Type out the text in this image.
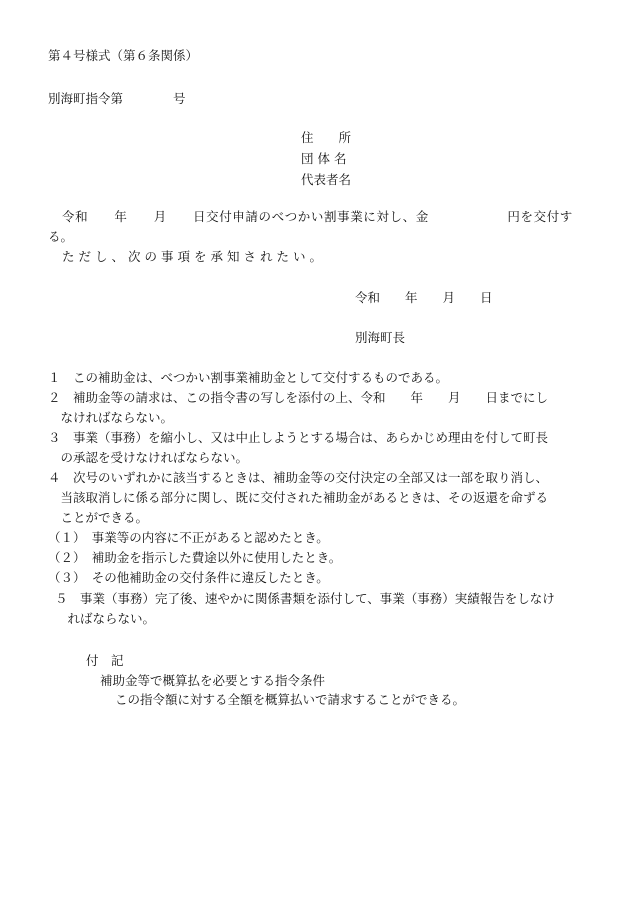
第４号様式（第６条関係）
別海町指令第　　　　号
住　　所
団 体 名
代表者名
令和　　年　　月　　日交付申請のべつかい割事業に対し、金　　　　　　円を交付す
る。
ただし、次の事項を承知されたい。
令和　　年　　月　　日
別海町長
１　この補助金は、べつかい割事業補助金として交付するものである。
２　補助金等の請求は、この指令書の写しを添付の上、令和　　年　　月　　日までにし
　なければならない。
３　事業（事務）を縮小し、又は中止しようとする場合は、あらかじめ理由を付して町長
　の承認を受けなければならない。
４　次号のいずれかに該当するときは、補助金等の交付決定の全部又は一部を取り消し、
　当該取消しに係る部分に関し、既に交付された補助金があるときは、その返還を命ずる
　ことができる。
（１）　事業等の内容に不正があると認めたとき。
（２）　補助金を指示した費途以外に使用したとき。
（３）　その他補助金の交付条件に違反したとき。
５　事業（事務）完了後、速やかに関係書類を添付して、事業（事務）実績報告をしなけ
　ればならない。
付　記
補助金等で概算払を必要とする指令条件
この指令額に対する全額を概算払いで請求することができる。
